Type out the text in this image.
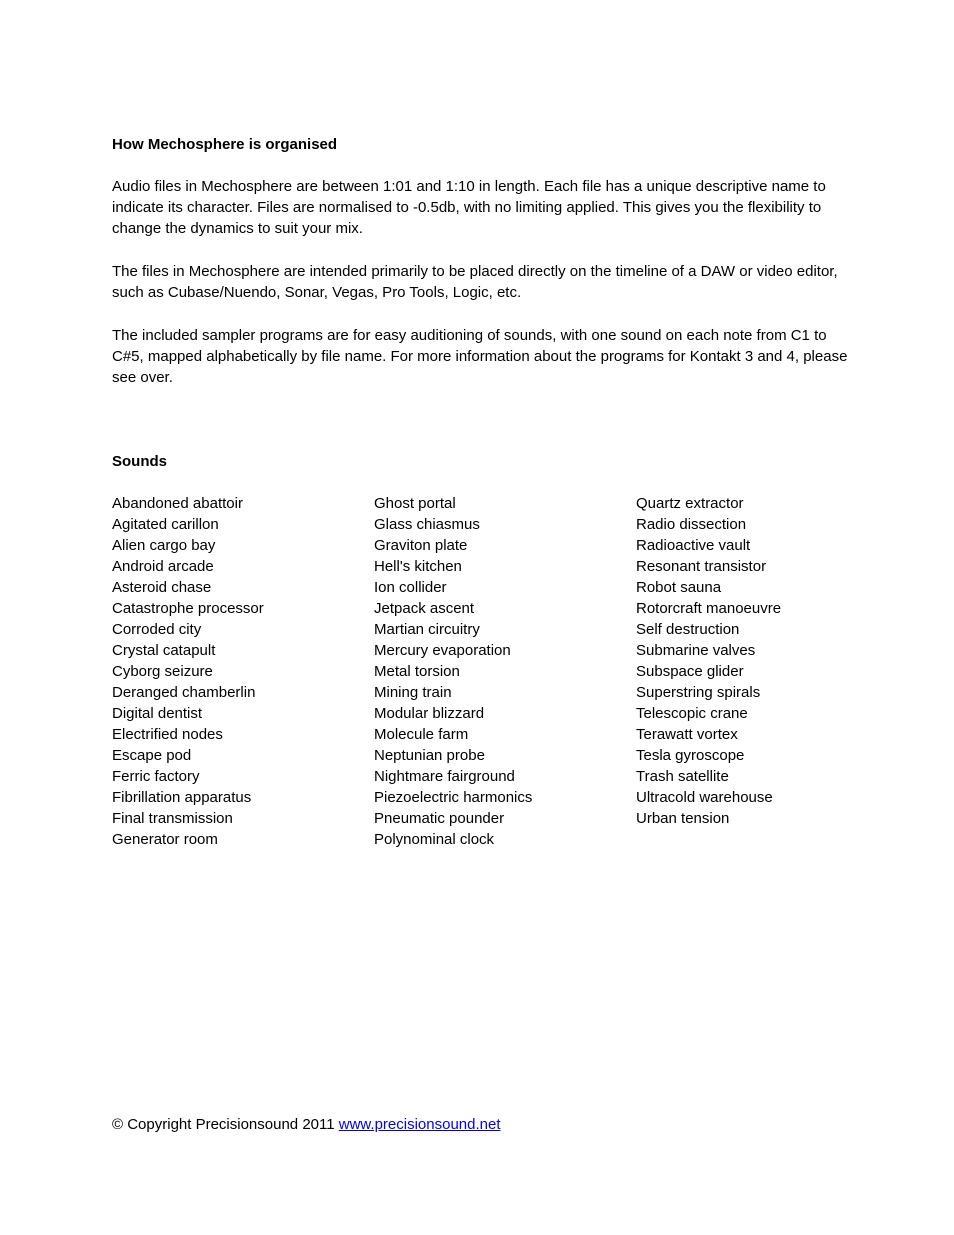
How Mechosphere is organised

Audio files in Mechosphere are between 1:01 and 1:10 in length. Each file has a unique descriptive name to indicate its character. Files are normalised to -0.5db, with no limiting applied. This gives you the flexibility to change the dynamics to suit your mix.

The files in Mechosphere are intended primarily to be placed directly on the timeline of a DAW or video editor, such as Cubase/Nuendo, Sonar, Vegas, Pro Tools, Logic, etc.

The included sampler programs are for easy auditioning of sounds, with one sound on each note from C1 to C#5, mapped alphabetically by file name. For more information about the programs for Kontakt 3 and 4, please see over.

Sounds

Abandoned abattoir
Agitated carillon
Alien cargo bay
Android arcade
Asteroid chase
Catastrophe processor
Corroded city
Crystal catapult
Cyborg seizure
Deranged chamberlin
Digital dentist
Electrified nodes
Escape pod
Ferric factory
Fibrillation apparatus
Final transmission
Generator room
Ghost portal
Glass chiasmus
Graviton plate
Hell's kitchen
Ion collider
Jetpack ascent
Martian circuitry
Mercury evaporation
Metal torsion
Mining train
Modular blizzard
Molecule farm
Neptunian probe
Nightmare fairground
Piezoelectric harmonics
Pneumatic pounder
Polynominal clock
Quartz extractor
Radio dissection
Radioactive vault
Resonant transistor
Robot sauna
Rotorcraft manoeuvre
Self destruction
Submarine valves
Subspace glider
Superstring spirals
Telescopic crane
Terawatt vortex
Tesla gyroscope
Trash satellite
Ultracold warehouse
Urban tension
© Copyright Precisionsound 2011 www.precisionsound.net
